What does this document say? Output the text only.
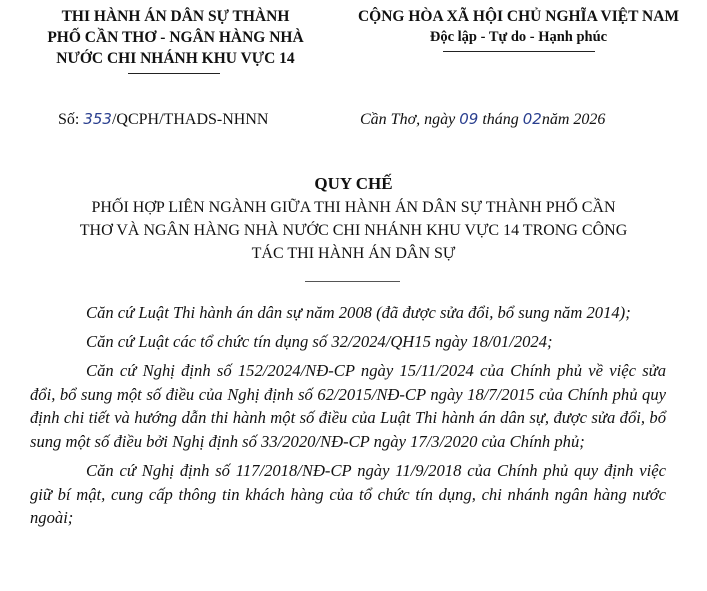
THI HÀNH ÁN DÂN SỰ THÀNH
PHỐ CẦN THƠ - NGÂN HÀNG NHÀ
NƯỚC CHI NHÁNH KHU VỰC 14
CỘNG HÒA XÃ HỘI CHỦ NGHĨA VIỆT NAM
Độc lập - Tự do - Hạnh phúc
Số: 353/QCPH/THADS-NHNN	Cần Thơ, ngày 09 tháng 02năm 2026
QUY CHẾ
PHỐI HỢP LIÊN NGÀNH GIỮA THI HÀNH ÁN DÂN SỰ THÀNH PHỐ CẦN
THƠ VÀ NGÂN HÀNG NHÀ NƯỚC CHI NHÁNH KHU VỰC 14 TRONG CÔNG
TÁC THI HÀNH ÁN DÂN SỰ

Căn cứ Luật Thi hành án dân sự năm 2008 (đã được sửa đổi, bổ sung năm 2014);

Căn cứ Luật các tổ chức tín dụng số 32/2024/QH15 ngày 18/01/2024;

Căn cứ Nghị định số 152/2024/NĐ-CP ngày 15/11/2024 của Chính phủ về việc sửa đổi, bổ sung một số điều của Nghị định số 62/2015/NĐ-CP ngày 18/7/2015 của Chính phủ quy định chi tiết và hướng dẫn thi hành một số điều của Luật Thi hành án dân sự, được sửa đổi, bổ sung một số điều bởi Nghị định số 33/2020/NĐ-CP ngày 17/3/2020 của Chính phủ;

Căn cứ Nghị định số 117/2018/NĐ-CP ngày 11/9/2018 của Chính phủ quy định việc giữ bí mật, cung cấp thông tin khách hàng của tổ chức tín dụng, chi nhánh ngân hàng nước ngoài;
